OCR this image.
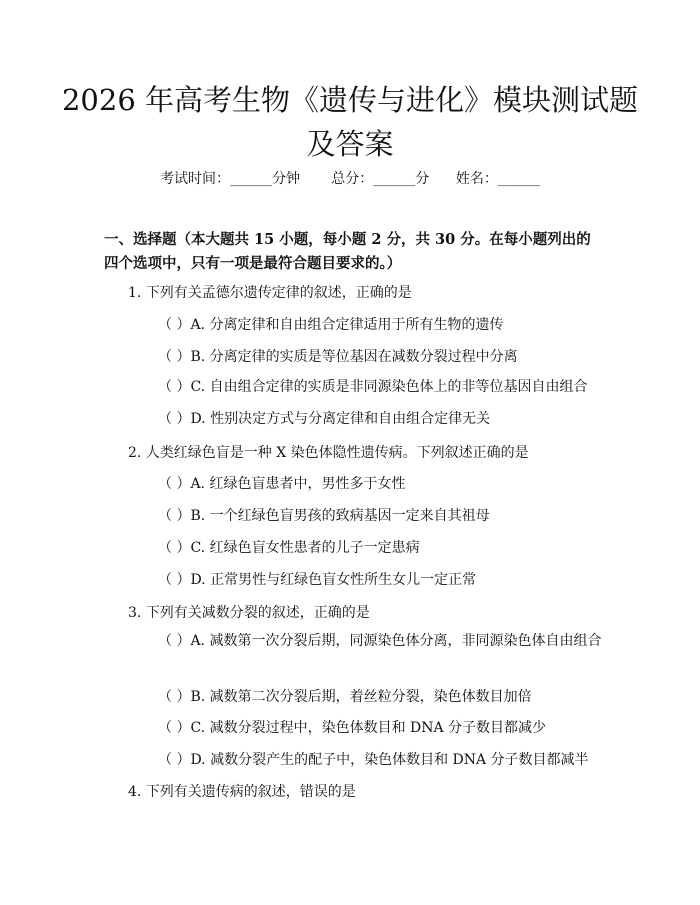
2026 年高考生物《遗传与进化》模块测试题及答案
考试时间：______分钟 总分：______分 姓名：______
一、选择题（本大题共 15 小题，每小题 2 分，共 30 分。在每小题列出的四个选项中，只有一项是最符合题目要求的。）
1. 下列有关孟德尔遗传定律的叙述，正确的是
（ ）A. 分离定律和自由组合定律适用于所有生物的遗传
（ ）B. 分离定律的实质是等位基因在减数分裂过程中分离
（ ）C. 自由组合定律的实质是非同源染色体上的非等位基因自由组合
（ ）D. 性别决定方式与分离定律和自由组合定律无关
2. 人类红绿色盲是一种 X 染色体隐性遗传病。下列叙述正确的是
（ ）A. 红绿色盲患者中，男性多于女性
（ ）B. 一个红绿色盲男孩的致病基因一定来自其祖母
（ ）C. 红绿色盲女性患者的儿子一定患病
（ ）D. 正常男性与红绿色盲女性所生女儿一定正常
3. 下列有关减数分裂的叙述，正确的是
（ ）A. 减数第一次分裂后期，同源染色体分离，非同源染色体自由组合
（ ）B. 减数第二次分裂后期，着丝粒分裂，染色体数目加倍
（ ）C. 减数分裂过程中，染色体数目和 DNA 分子数目都减少
（ ）D. 减数分裂产生的配子中，染色体数目和 DNA 分子数目都减半
4. 下列有关遗传病的叙述，错误的是
